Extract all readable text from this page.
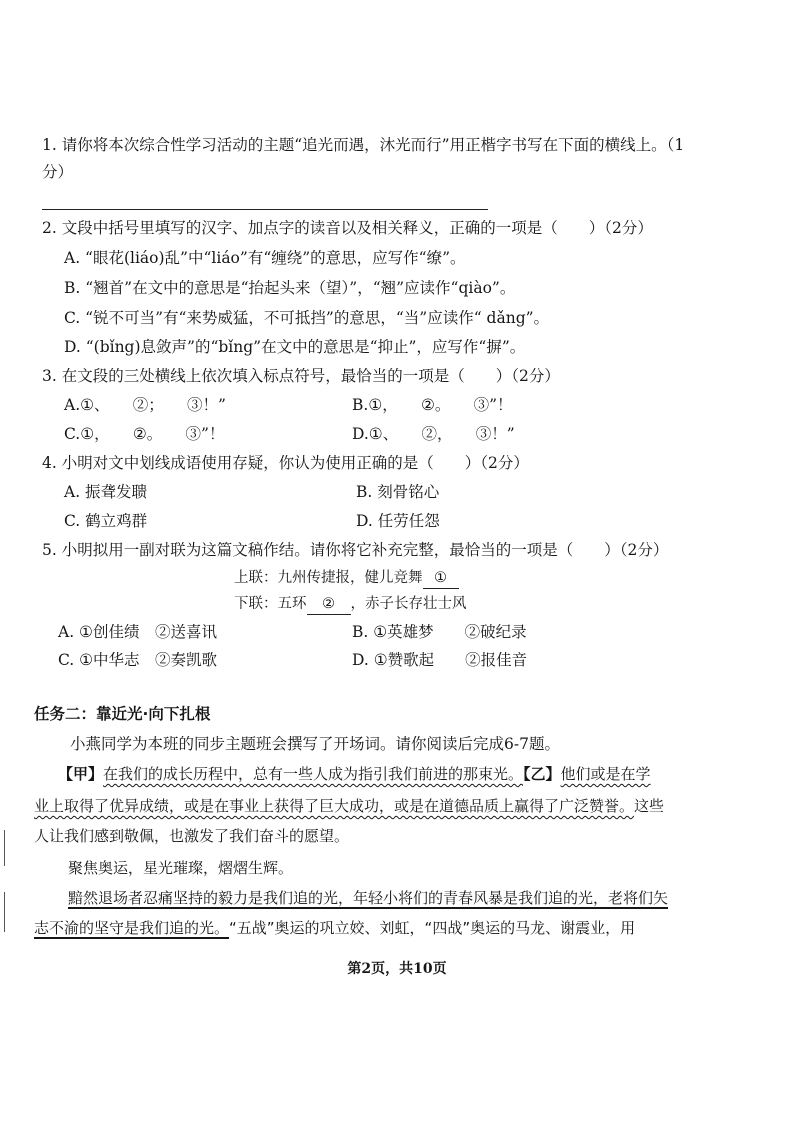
1. 请你将本次综合性学习活动的主题“追光而遇，沐光而行”用正楷字书写在下面的横线上。（1
分）
2. 文段中括号里填写的汉字、加点字的读音以及相关释义，正确的一项是（　　）（2分）
A. “眼花(liáo)乱”中“liáo”有“缠绕”的意思，应写作“缭”。
B. “翘首”在文中的意思是“抬起头来（望）”，“翘”应读作“qiào”。
C. “锐不可当”有“来势威猛，不可抵挡”的意思，“当”应读作“ dǎng”。
D. “(bǐng)息敛声”的“bǐng”在文中的意思是“抑止”，应写作“摒”。
3. 在文段的三处横线上依次填入标点符号，最恰当的一项是（　　）（2分）
A.①、　　②；　　③！”	B.①，　　②。　　③”！
C.①，　　②。　　③”！	D.①、　　②，　　③！”
4. 小明对文中划线成语使用存疑，你认为使用正确的是（　　）（2分）
A. 振聋发聩	B. 刻骨铭心
C. 鹤立鸡群	D. 任劳任怨
5. 小明拟用一副对联为这篇文稿作结。请你将它补充完整，最恰当的一项是（　　）（2分）
上联：九州传捷报，健儿竞舞 ①
下联：五环 ② ，赤子长存壮士风
A. ①创佳绩　②送喜讯	B. ①英雄梦　　②破纪录
C. ①中华志　②奏凯歌	D. ①赞歌起　　②报佳音
任务二：靠近光·向下扎根
小燕同学为本班的同步主题班会撰写了开场词。请你阅读后完成6-7题。
【甲】在我们的成长历程中，总有一些人成为指引我们前进的那束光。【乙】他们或是在学
业上取得了优异成绩，或是在事业上获得了巨大成功，或是在道德品质上赢得了广泛赞誉。这些
人让我们感到敬佩，也激发了我们奋斗的愿望。
聚焦奥运，星光璀璨，熠熠生辉。
黯然退场者忍痛坚持的毅力是我们追的光，年轻小将们的青春风暴是我们追的光，老将们矢
志不渝的坚守是我们追的光。“五战”奥运的巩立姣、刘虹，“四战”奥运的马龙、谢震业，用
第2页，共10页
